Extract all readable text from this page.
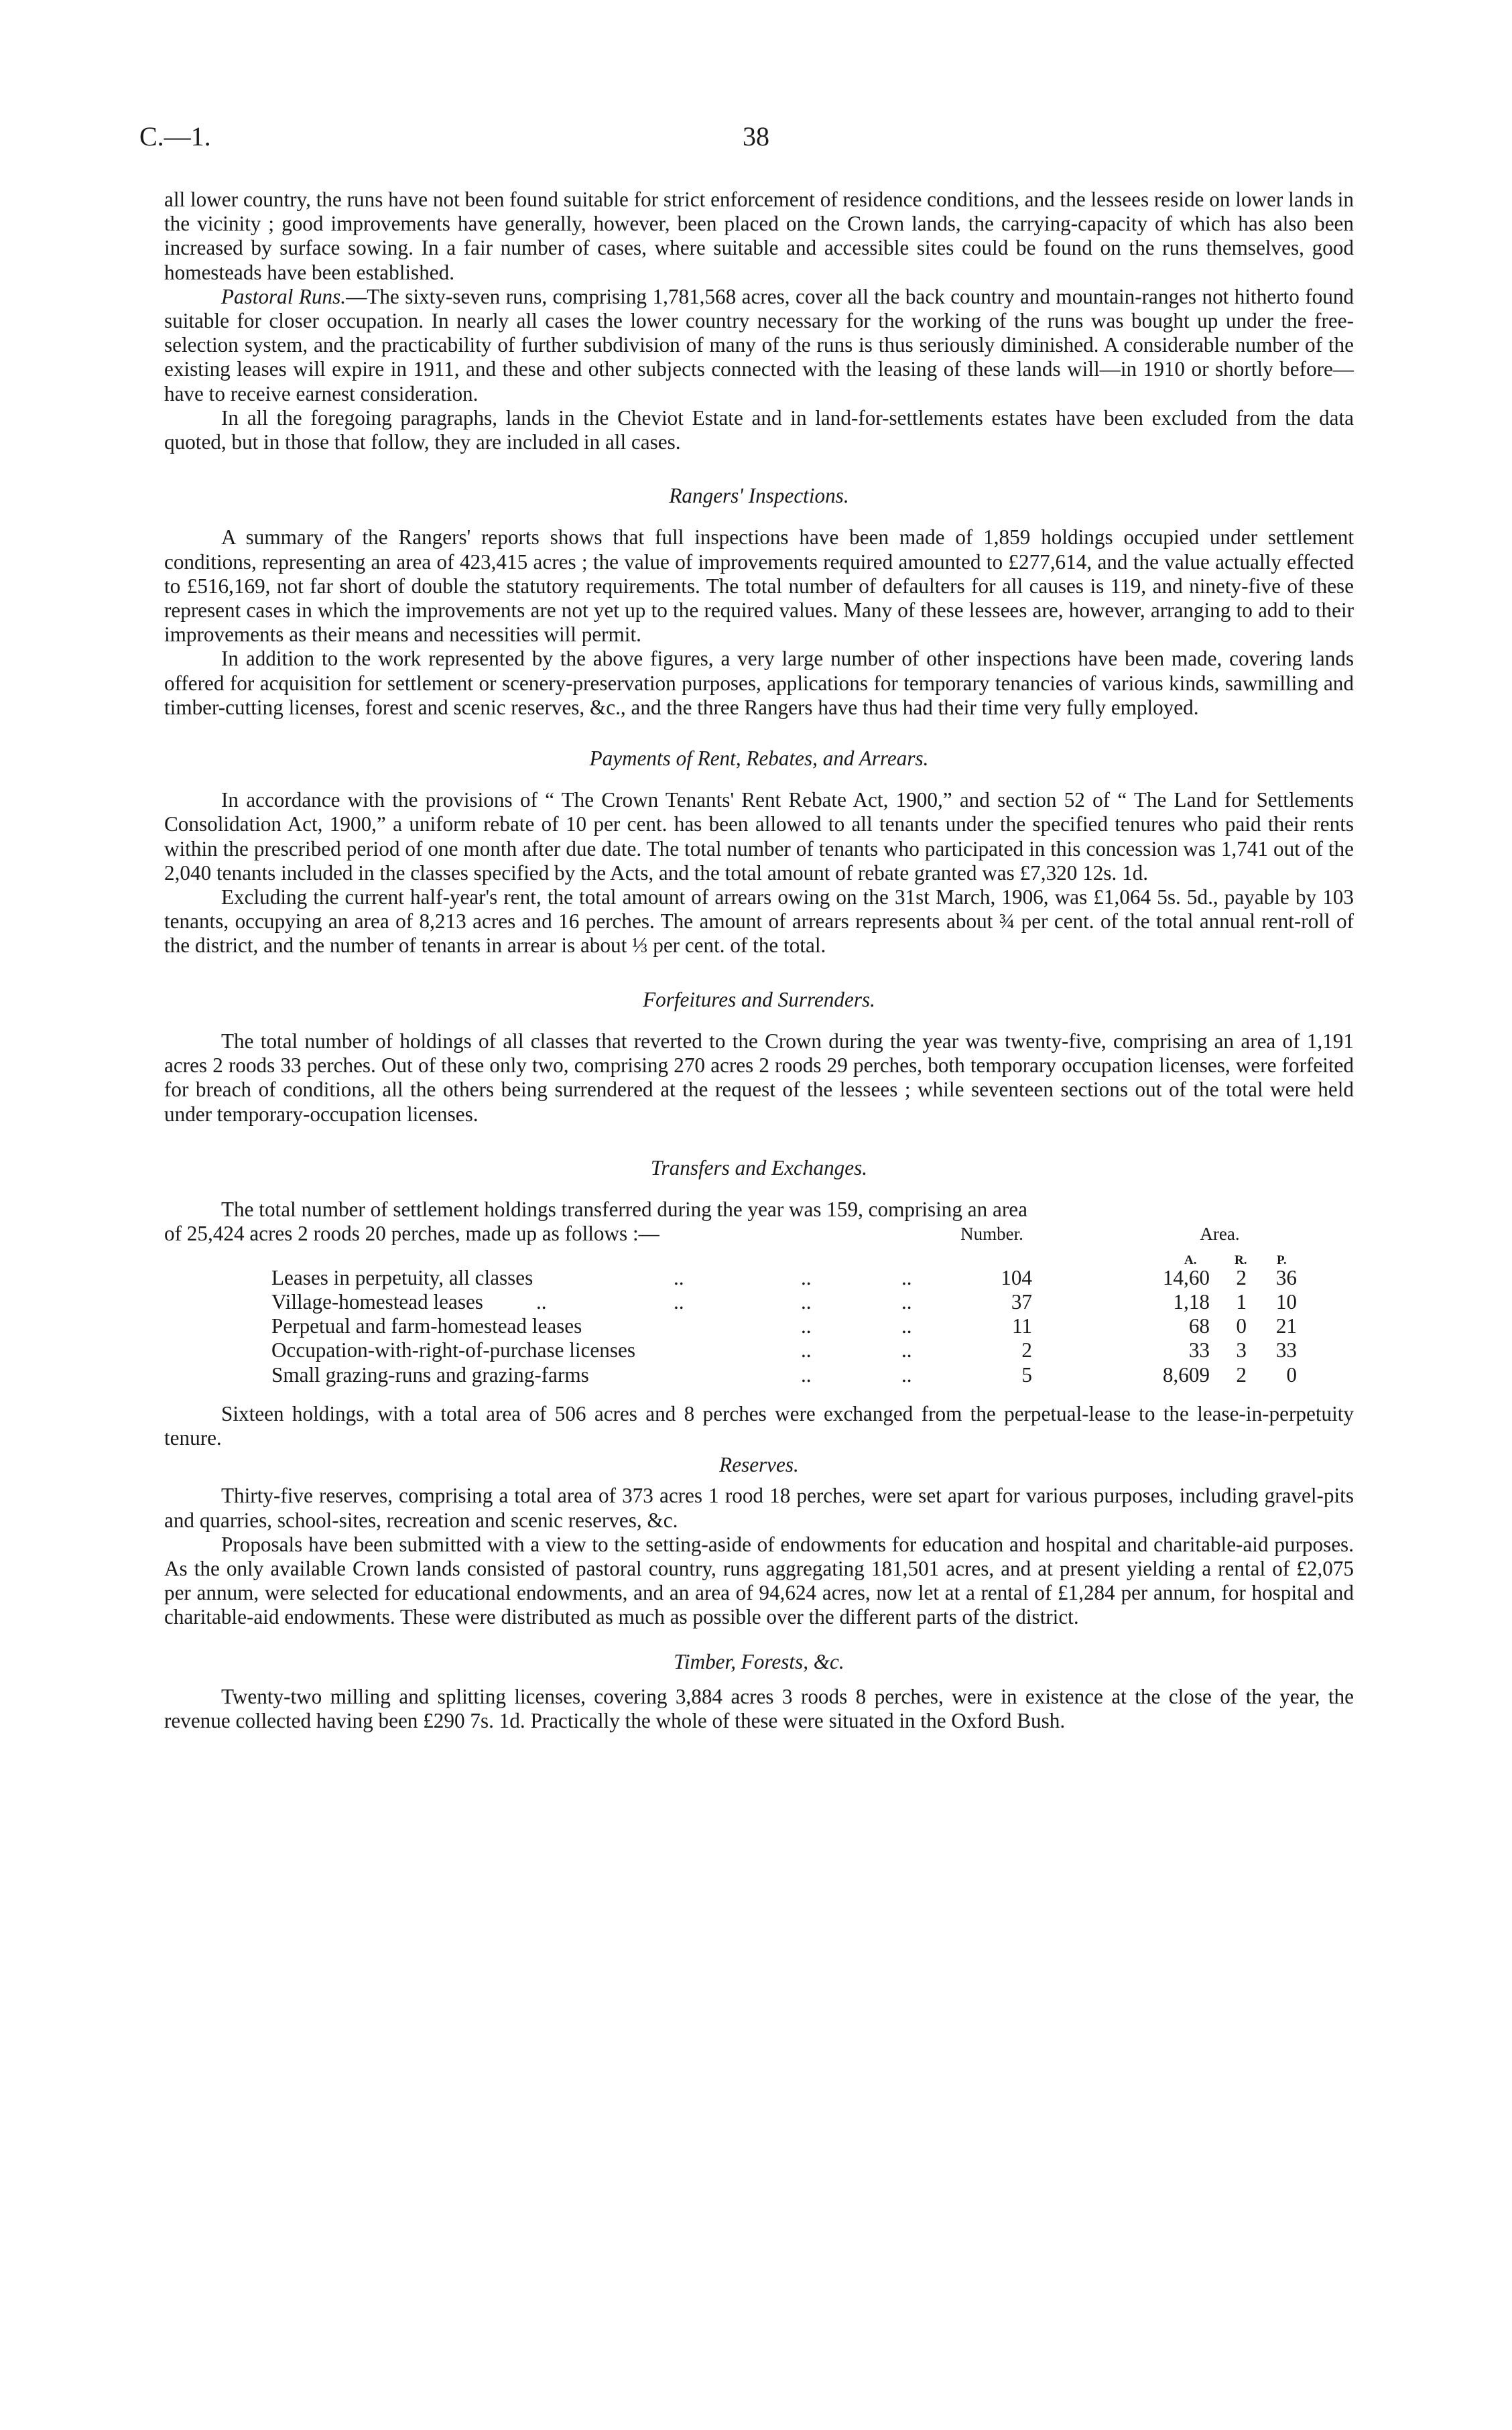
C.—1.	38

all lower country, the runs have not been found suitable for strict enforcement of residence conditions, and the lessees reside on lower lands in the vicinity ; good improvements have generally, however, been placed on the Crown lands, the carrying-capacity of which has also been increased by surface sowing. In a fair number of cases, where suitable and accessible sites could be found on the runs themselves, good homesteads have been established.

Pastoral Runs.—The sixty-seven runs, comprising 1,781,568 acres, cover all the back country and mountain-ranges not hitherto found suitable for closer occupation. In nearly all cases the lower country necessary for the working of the runs was bought up under the free-selection system, and the practicability of further subdivision of many of the runs is thus seriously diminished. A considerable number of the existing leases will expire in 1911, and these and other subjects connected with the leasing of these lands will—in 1910 or shortly before—have to receive earnest consideration.

In all the foregoing paragraphs, lands in the Cheviot Estate and in land-for-settlements estates have been excluded from the data quoted, but in those that follow, they are included in all cases.

Rangers' Inspections.

A summary of the Rangers' reports shows that full inspections have been made of 1,859 holdings occupied under settlement conditions, representing an area of 423,415 acres ; the value of improvements required amounted to £277,614, and the value actually effected to £516,169, not far short of double the statutory requirements. The total number of defaulters for all causes is 119, and ninety-five of these represent cases in which the improvements are not yet up to the required values. Many of these lessees are, however, arranging to add to their improvements as their means and necessities will permit.

In addition to the work represented by the above figures, a very large number of other inspections have been made, covering lands offered for acquisition for settlement or scenery-preservation purposes, applications for temporary tenancies of various kinds, sawmilling and timber-cutting licenses, forest and scenic reserves, &c., and the three Rangers have thus had their time very fully employed.

Payments of Rent, Rebates, and Arrears.

In accordance with the provisions of “ The Crown Tenants' Rent Rebate Act, 1900,” and section 52 of “ The Land for Settlements Consolidation Act, 1900,” a uniform rebate of 10 per cent. has been allowed to all tenants under the specified tenures who paid their rents within the prescribed period of one month after due date. The total number of tenants who participated in this concession was 1,741 out of the 2,040 tenants included in the classes specified by the Acts, and the total amount of rebate granted was £7,320 12s. 1d.

Excluding the current half-year's rent, the total amount of arrears owing on the 31st March, 1906, was £1,064 5s. 5d., payable by 103 tenants, occupying an area of 8,213 acres and 16 perches. The amount of arrears represents about ¾ per cent. of the total annual rent-roll of the district, and the number of tenants in arrear is about ⅓ per cent. of the total.

Forfeitures and Surrenders.

The total number of holdings of all classes that reverted to the Crown during the year was twenty-five, comprising an area of 1,191 acres 2 roods 33 perches. Out of these only two, comprising 270 acres 2 roods 29 perches, both temporary occupation licenses, were forfeited for breach of conditions, all the others being surrendered at the request of the lessees ; while seventeen sections out of the total were held under temporary-occupation licenses.

Transfers and Exchanges.
The total number of settlement holdings transferred during the year was 159, comprising an area
of 25,424 acres 2 roods 20 perches, made up as follows :—	Number.	Area.
A.	R. P.
Leases in perpetuity, all classes	..	..	..	104	14,60	2	36
Village-homestead leases	..	..	..	..	37	1,18	1	10
Perpetual and farm-homestead leases	..	..	11	68	0	21
Occupation-with-right-of-purchase licenses	..	..	2	33	3	33
Small grazing-runs and grazing-farms	..	..	5	8,609	2	0

Sixteen holdings, with a total area of 506 acres and 8 perches were exchanged from the perpetual-lease to the lease-in-perpetuity tenure.

Reserves.

Thirty-five reserves, comprising a total area of 373 acres 1 rood 18 perches, were set apart for various purposes, including gravel-pits and quarries, school-sites, recreation and scenic reserves, &c.

Proposals have been submitted with a view to the setting-aside of endowments for education and hospital and charitable-aid purposes. As the only available Crown lands consisted of pastoral country, runs aggregating 181,501 acres, and at present yielding a rental of £2,075 per annum, were selected for educational endowments, and an area of 94,624 acres, now let at a rental of £1,284 per annum, for hospital and charitable-aid endowments. These were distributed as much as possible over the different parts of the district.

Timber, Forests, &c.

Twenty-two milling and splitting licenses, covering 3,884 acres 3 roods 8 perches, were in existence at the close of the year, the revenue collected having been £290 7s. 1d. Practically the whole of these were situated in the Oxford Bush.
